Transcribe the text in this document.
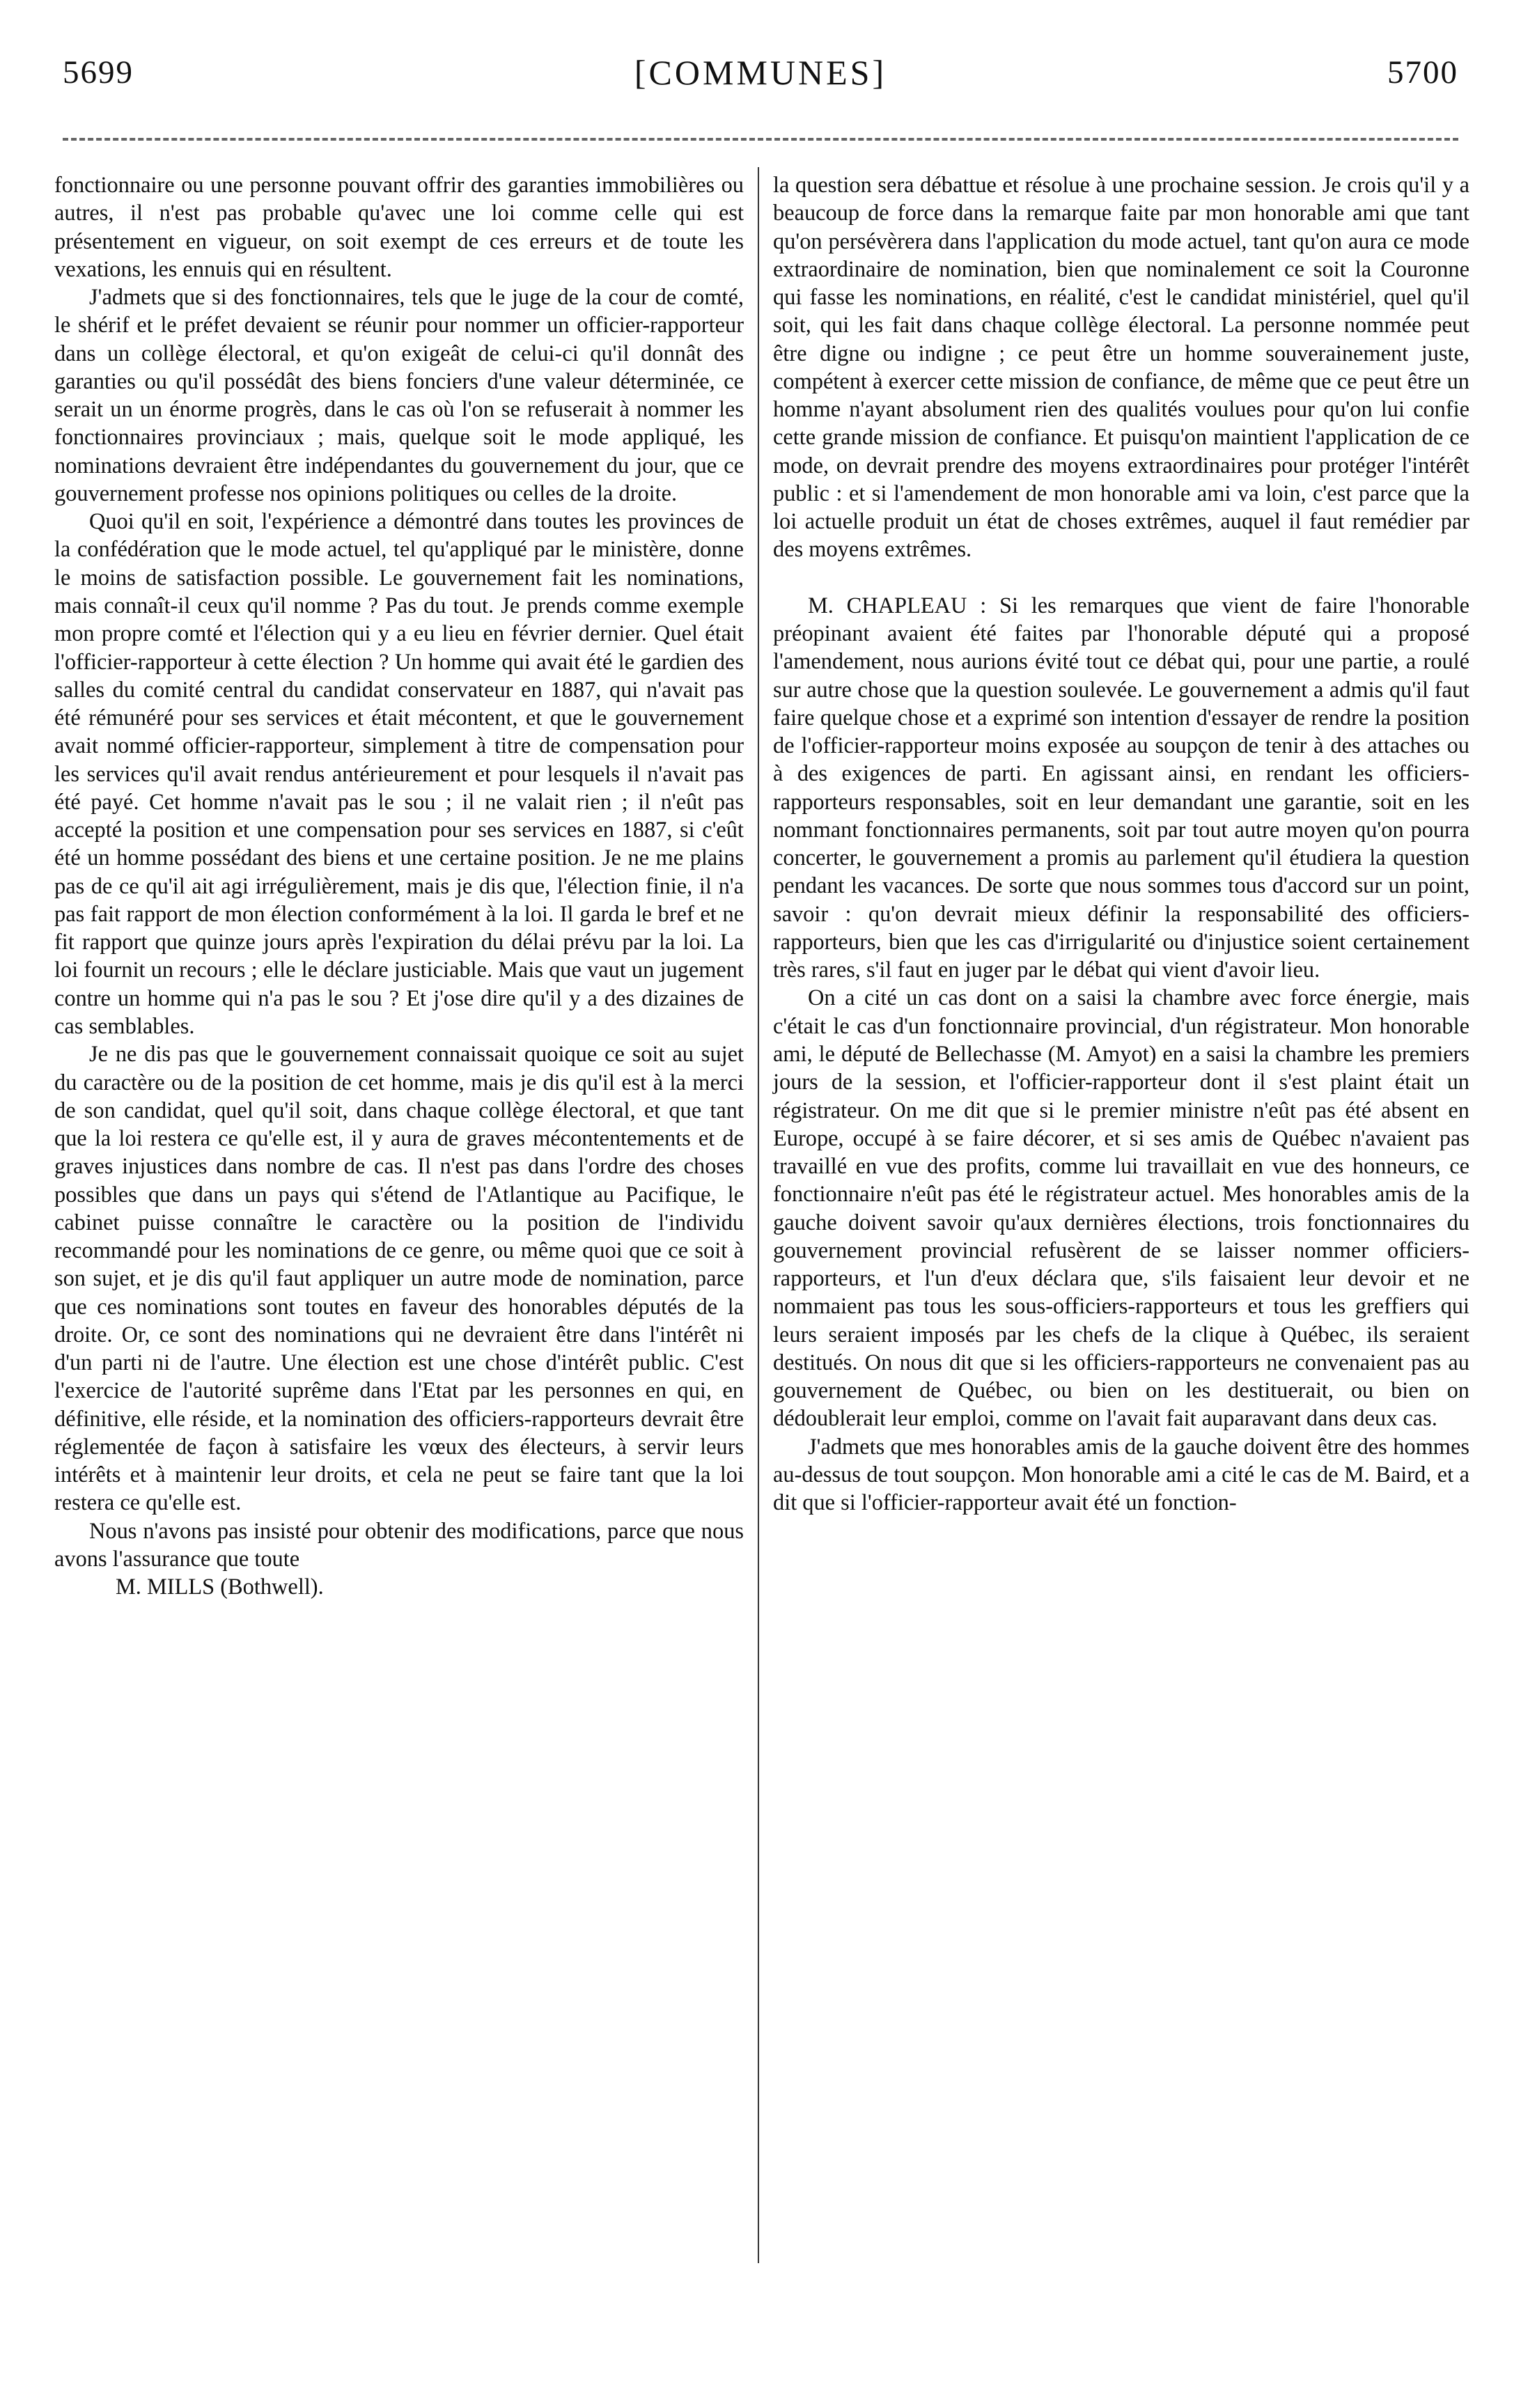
5699	[COMMUNES]	5700

fonctionnaire ou une personne pouvant offrir des garanties immobilières ou autres, il n'est pas probable qu'avec une loi comme celle qui est présentement en vigueur, on soit exempt de ces erreurs et de toute les vexations, les ennuis qui en résultent.

J'admets que si des fonctionnaires, tels que le juge de la cour de comté, le shérif et le préfet devaient se réunir pour nommer un officier-rapporteur dans un collège électoral, et qu'on exigeât de celui-ci qu'il donnât des garanties ou qu'il possédât des biens fonciers d'une valeur déterminée, ce serait un un énorme progrès, dans le cas où l'on se refuserait à nommer les fonctionnaires provinciaux ; mais, quelque soit le mode appliqué, les nominations devraient être indépendantes du gouvernement du jour, que ce gouvernement professe nos opinions politiques ou celles de la droite.

Quoi qu'il en soit, l'expérience a démontré dans toutes les provinces de la confédération que le mode actuel, tel qu'appliqué par le ministère, donne le moins de satisfaction possible. Le gouvernement fait les nominations, mais connaît-il ceux qu'il nomme ? Pas du tout. Je prends comme exemple mon propre comté et l'élection qui y a eu lieu en février dernier. Quel était l'officier-rapporteur à cette élection ? Un homme qui avait été le gardien des salles du comité central du candidat conservateur en 1887, qui n'avait pas été rémunéré pour ses services et était mécontent, et que le gouvernement avait nommé officier-rapporteur, simplement à titre de compensation pour les services qu'il avait rendus antérieurement et pour lesquels il n'avait pas été payé. Cet homme n'avait pas le sou ; il ne valait rien ; il n'eût pas accepté la position et une compensation pour ses services en 1887, si c'eût été un homme possédant des biens et une certaine position. Je ne me plains pas de ce qu'il ait agi irrégulièrement, mais je dis que, l'élection finie, il n'a pas fait rapport de mon élection conformément à la loi. Il garda le bref et ne fit rapport que quinze jours après l'expiration du délai prévu par la loi. La loi fournit un recours ; elle le déclare justiciable. Mais que vaut un jugement contre un homme qui n'a pas le sou ? Et j'ose dire qu'il y a des dizaines de cas semblables.

Je ne dis pas que le gouvernement connaissait quoique ce soit au sujet du caractère ou de la position de cet homme, mais je dis qu'il est à la merci de son candidat, quel qu'il soit, dans chaque collège électoral, et que tant que la loi restera ce qu'elle est, il y aura de graves mécontentements et de graves injustices dans nombre de cas. Il n'est pas dans l'ordre des choses possibles que dans un pays qui s'étend de l'Atlantique au Pacifique, le cabinet puisse connaître le caractère ou la position de l'individu recommandé pour les nominations de ce genre, ou même quoi que ce soit à son sujet, et je dis qu'il faut appliquer un autre mode de nomination, parce que ces nominations sont toutes en faveur des honorables députés de la droite. Or, ce sont des nominations qui ne devraient être dans l'intérêt ni d'un parti ni de l'autre. Une élection est une chose d'intérêt public. C'est l'exercice de l'autorité suprême dans l'Etat par les personnes en qui, en définitive, elle réside, et la nomination des officiers-rapporteurs devrait être réglementée de façon à satisfaire les vœux des électeurs, à servir leurs intérêts et à maintenir leur droits, et cela ne peut se faire tant que la loi restera ce qu'elle est.

Nous n'avons pas insisté pour obtenir des modifications, parce que nous avons l'assurance que toute

M. MILLS (Bothwell).

la question sera débattue et résolue à une prochaine session. Je crois qu'il y a beaucoup de force dans la remarque faite par mon honorable ami que tant qu'on persévèrera dans l'application du mode actuel, tant qu'on aura ce mode extraordinaire de nomination, bien que nominalement ce soit la Couronne qui fasse les nominations, en réalité, c'est le candidat ministériel, quel qu'il soit, qui les fait dans chaque collège électoral. La personne nommée peut être digne ou indigne ; ce peut être un homme souverainement juste, compétent à exercer cette mission de confiance, de même que ce peut être un homme n'ayant absolument rien des qualités voulues pour qu'on lui confie cette grande mission de confiance. Et puisqu'on maintient l'application de ce mode, on devrait prendre des moyens extraordinaires pour protéger l'intérêt public : et si l'amendement de mon honorable ami va loin, c'est parce que la loi actuelle produit un état de choses extrêmes, auquel il faut remédier par des moyens extrêmes.

M. CHAPLEAU : Si les remarques que vient de faire l'honorable préopinant avaient été faites par l'honorable député qui a proposé l'amendement, nous aurions évité tout ce débat qui, pour une partie, a roulé sur autre chose que la question soulevée. Le gouvernement a admis qu'il faut faire quelque chose et a exprimé son intention d'essayer de rendre la position de l'officier-rapporteur moins exposée au soupçon de tenir à des attaches ou à des exigences de parti. En agissant ainsi, en rendant les officiers-rapporteurs responsables, soit en leur demandant une garantie, soit en les nommant fonctionnaires permanents, soit par tout autre moyen qu'on pourra concerter, le gouvernement a promis au parlement qu'il étudiera la question pendant les vacances. De sorte que nous sommes tous d'accord sur un point, savoir : qu'on devrait mieux définir la responsabilité des officiers-rapporteurs, bien que les cas d'irrigularité ou d'injustice soient certainement très rares, s'il faut en juger par le débat qui vient d'avoir lieu.

On a cité un cas dont on a saisi la chambre avec force énergie, mais c'était le cas d'un fonctionnaire provincial, d'un régistrateur. Mon honorable ami, le député de Bellechasse (M. Amyot) en a saisi la chambre les premiers jours de la session, et l'officier-rapporteur dont il s'est plaint était un régistrateur. On me dit que si le premier ministre n'eût pas été absent en Europe, occupé à se faire décorer, et si ses amis de Québec n'avaient pas travaillé en vue des profits, comme lui travaillait en vue des honneurs, ce fonctionnaire n'eût pas été le régistrateur actuel. Mes honorables amis de la gauche doivent savoir qu'aux dernières élections, trois fonctionnaires du gouvernement provincial refusèrent de se laisser nommer officiers-rapporteurs, et l'un d'eux déclara que, s'ils faisaient leur devoir et ne nommaient pas tous les sous-officiers-rapporteurs et tous les greffiers qui leurs seraient imposés par les chefs de la clique à Québec, ils seraient destitués. On nous dit que si les officiers-rapporteurs ne convenaient pas au gouvernement de Québec, ou bien on les destituerait, ou bien on dédoublerait leur emploi, comme on l'avait fait auparavant dans deux cas.

J'admets que mes honorables amis de la gauche doivent être des hommes au-dessus de tout soupçon. Mon honorable ami a cité le cas de M. Baird, et a dit que si l'officier-rapporteur avait été un fonction-
